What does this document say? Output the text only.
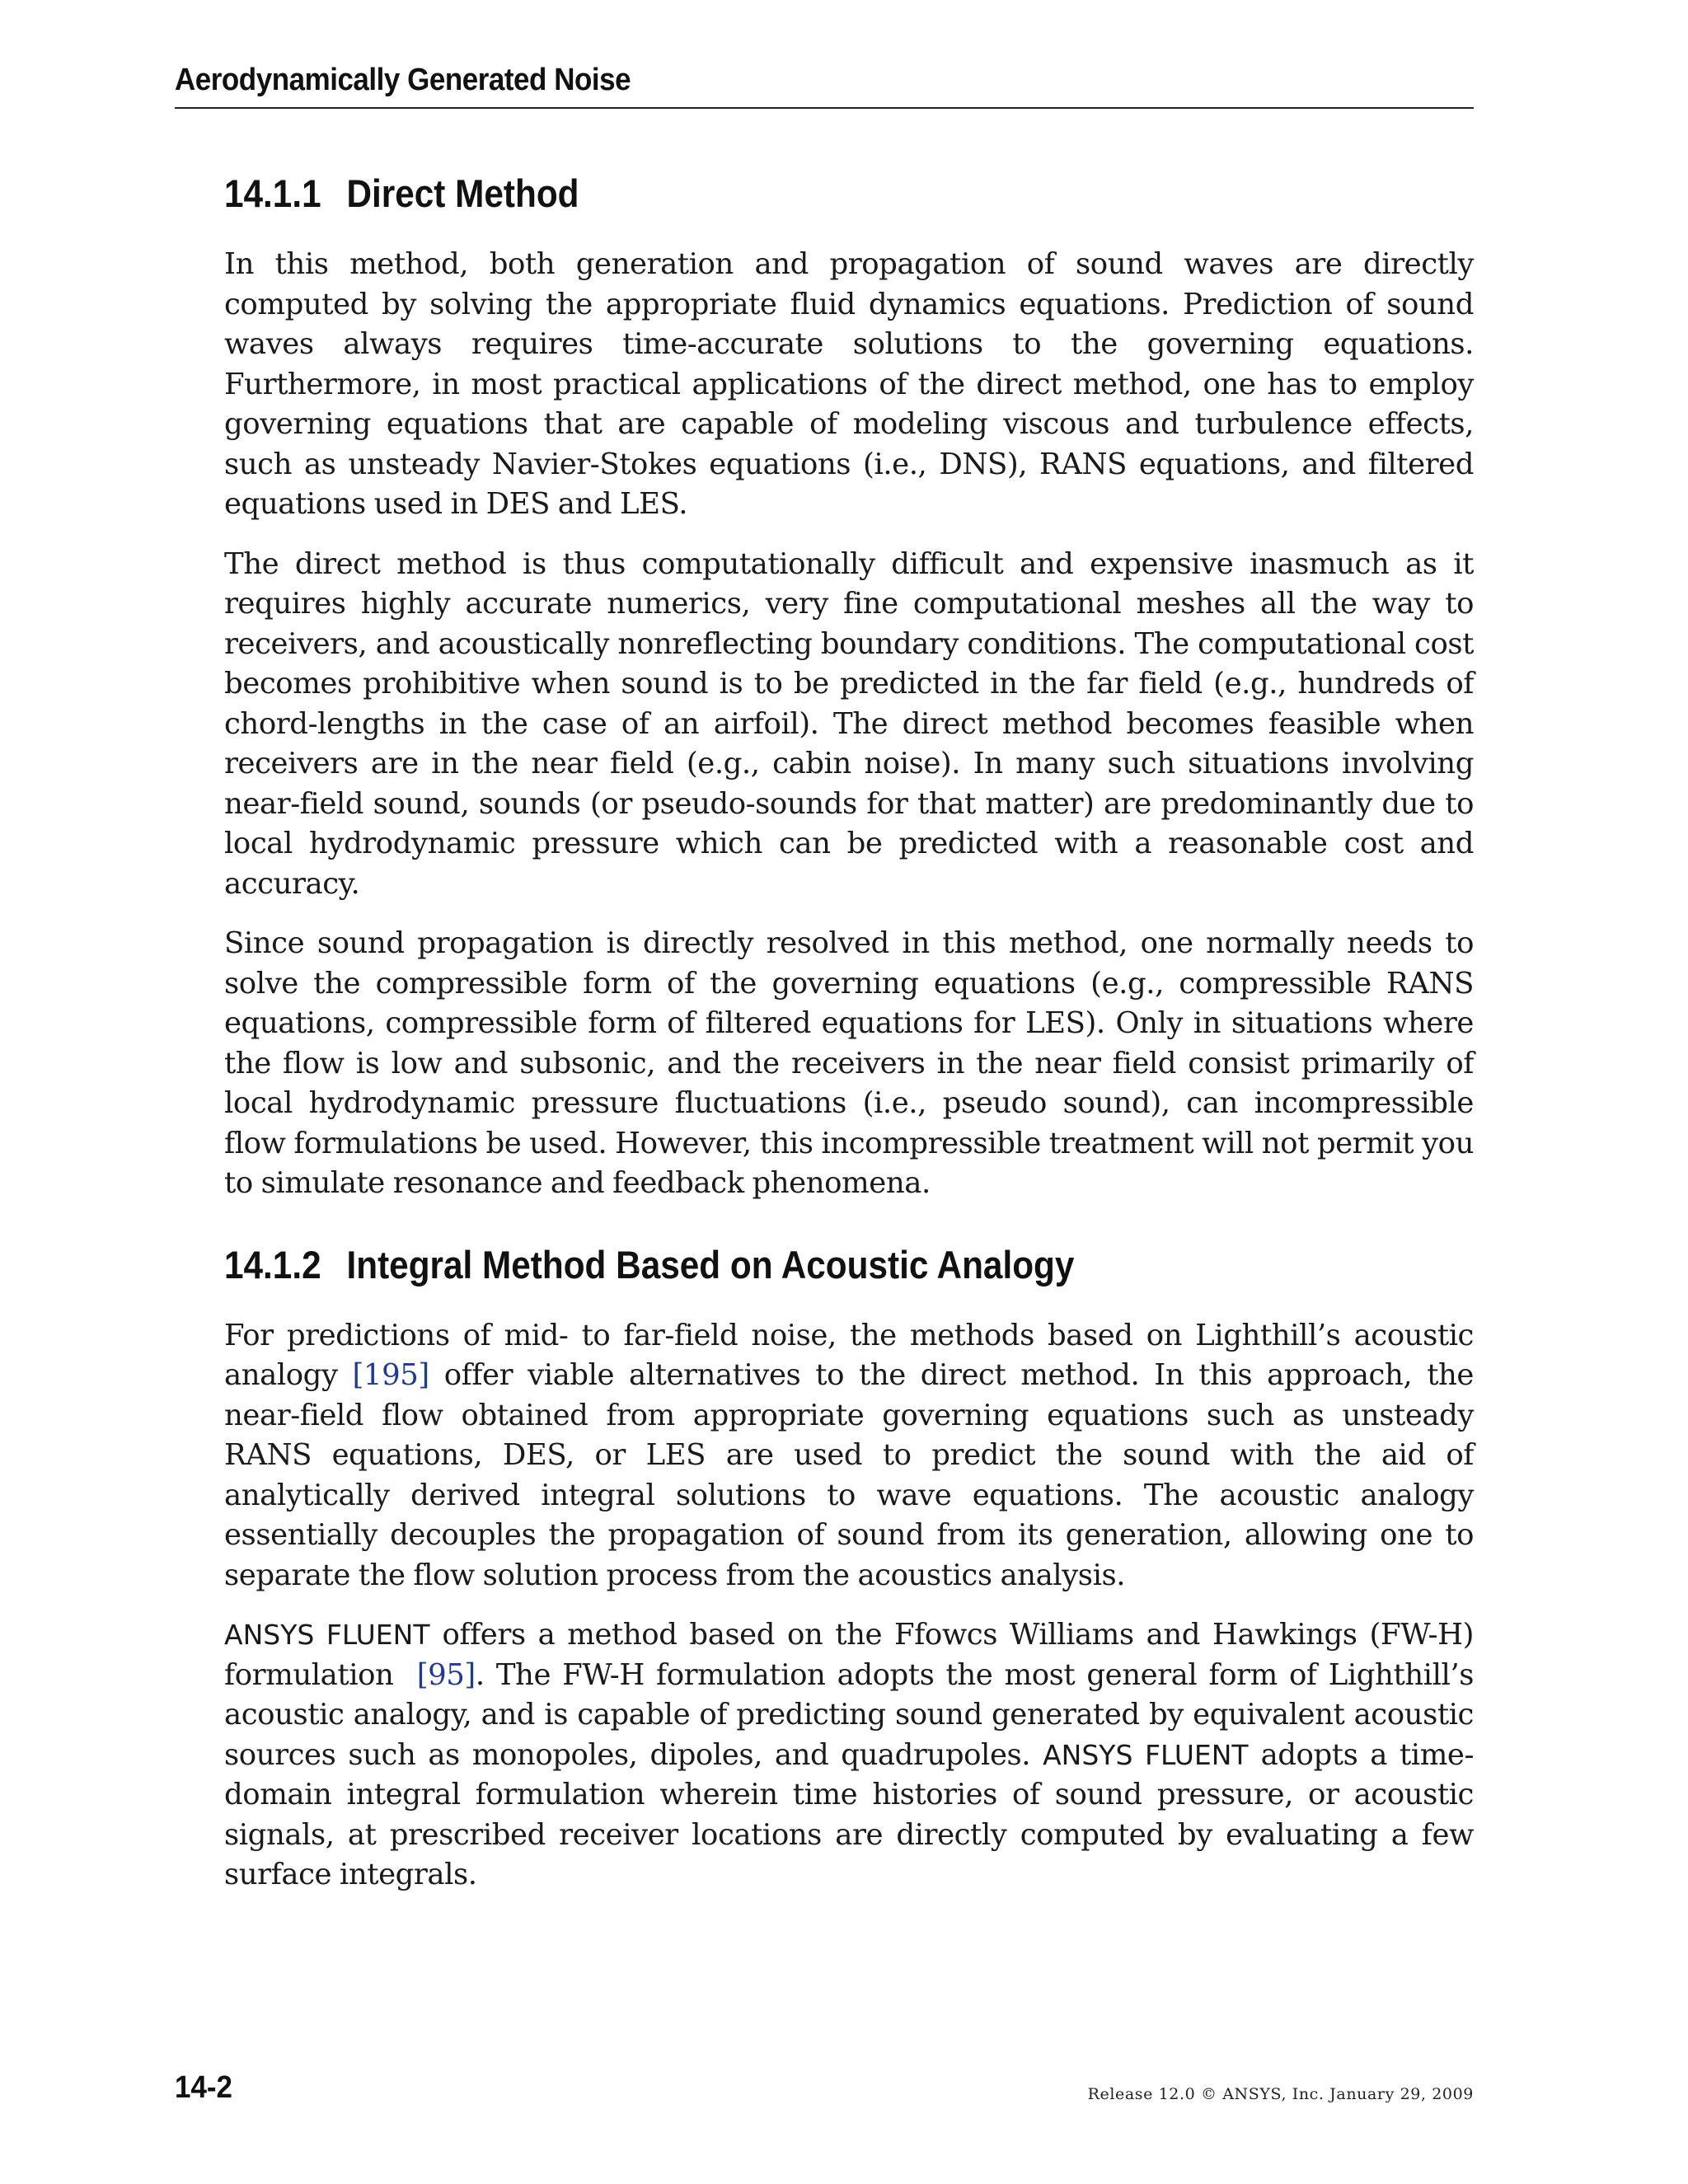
Aerodynamically Generated Noise
14.1.1 Direct Method

In this method, both generation and propagation of sound waves are directly computed by solving the appropriate fluid dynamics equations. Prediction of sound waves always requires time-accurate solutions to the governing equations. Furthermore, in most practical applications of the direct method, one has to employ governing equations that are capable of modeling viscous and turbulence effects, such as unsteady Navier-Stokes equations (i.e., DNS), RANS equations, and filtered equations used in DES and LES.

The direct method is thus computationally difficult and expensive inasmuch as it requires highly accurate numerics, very fine computational meshes all the way to receivers, and acoustically nonreflecting boundary conditions. The computational cost becomes prohibitive when sound is to be predicted in the far field (e.g., hundreds of chord-lengths in the case of an airfoil). The direct method becomes feasible when receivers are in the near field (e.g., cabin noise). In many such situations involving near-field sound, sounds (or pseudo-sounds for that matter) are predominantly due to local hydrodynamic pressure which can be predicted with a reasonable cost and accuracy.

Since sound propagation is directly resolved in this method, one normally needs to solve the compressible form of the governing equations (e.g., compressible RANS equations, compressible form of filtered equations for LES). Only in situations where the flow is low and subsonic, and the receivers in the near field consist primarily of local hydrodynamic pressure fluctuations (i.e., pseudo sound), can incompressible flow formulations be used. However, this incompressible treatment will not permit you to simulate resonance and feedback phenomena.

14.1.2 Integral Method Based on Acoustic Analogy

For predictions of mid- to far-field noise, the methods based on Lighthill’s acoustic analogy [195] offer viable alternatives to the direct method. In this approach, the near-field flow obtained from appropriate governing equations such as unsteady RANS equations, DES, or LES are used to predict the sound with the aid of analytically derived integral solutions to wave equations. The acoustic analogy essentially decouples the propagation of sound from its generation, allowing one to separate the flow solution process from the acoustics analysis.

ANSYS FLUENT offers a method based on the Ffowcs Williams and Hawkings (FW-H) formulation  [95]. The FW-H formulation adopts the most general form of Lighthill’s acoustic analogy, and is capable of predicting sound generated by equivalent acoustic sources such as monopoles, dipoles, and quadrupoles. ANSYS FLUENT adopts a time-domain integral formulation wherein time histories of sound pressure, or acoustic signals, at prescribed receiver locations are directly computed by evaluating a few surface integrals.

14-2	Release 12.0 © ANSYS, Inc. January 29, 2009
